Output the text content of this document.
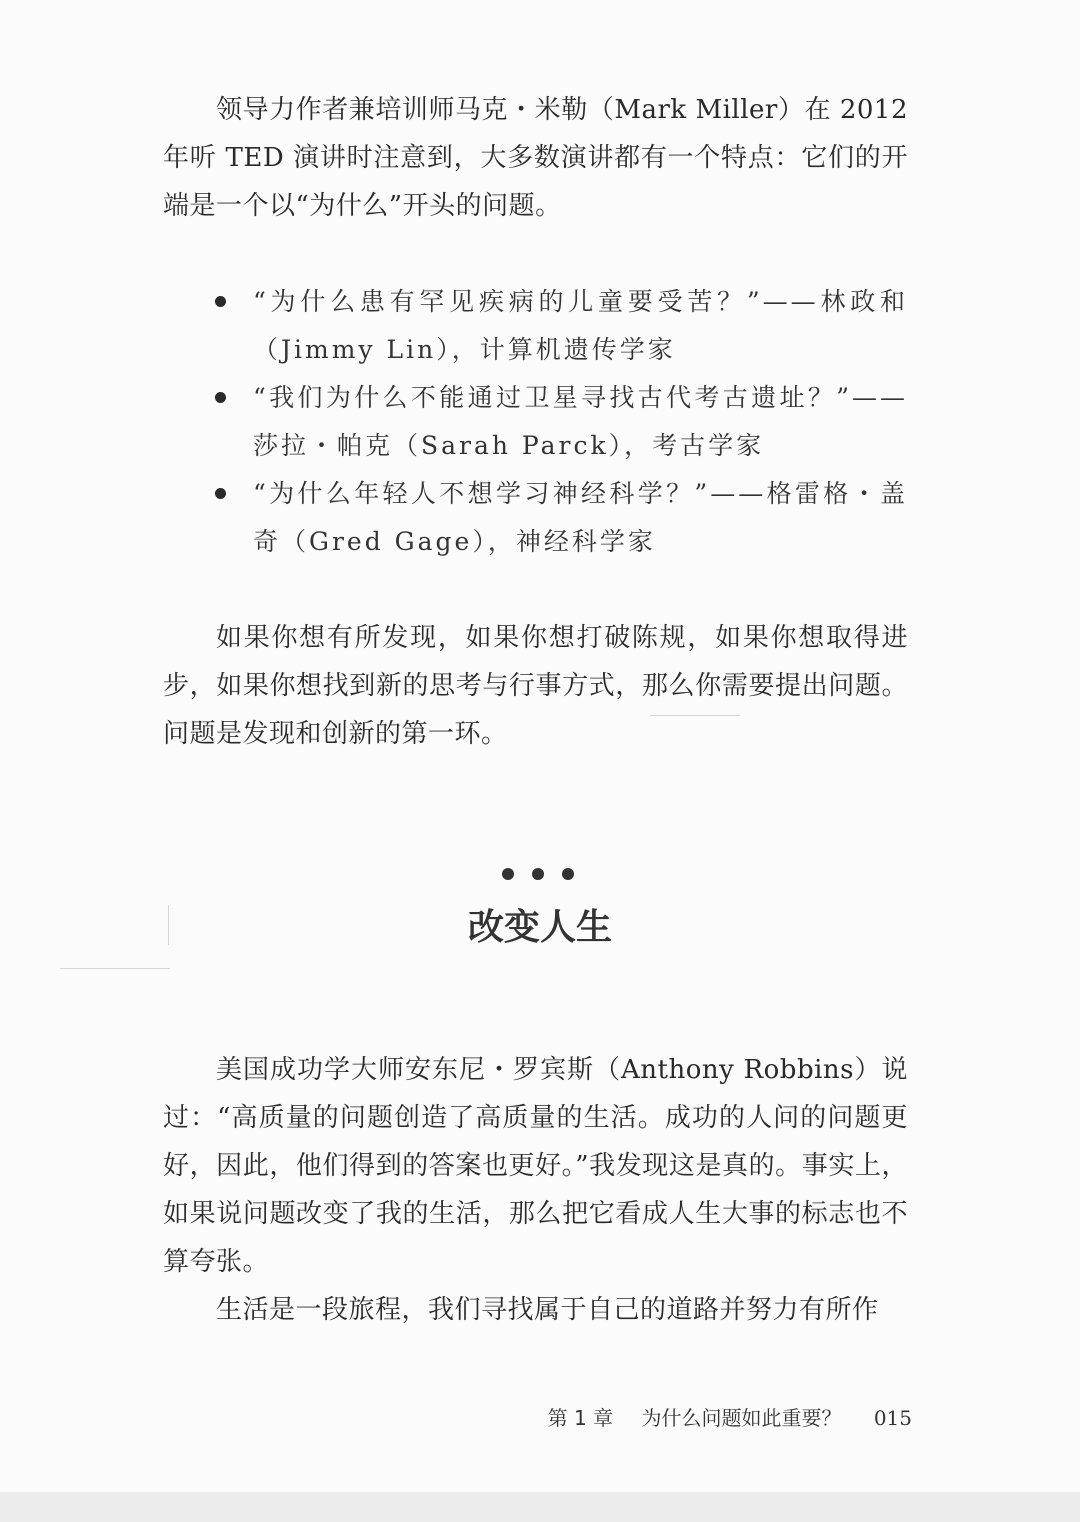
领导力作者兼培训师马克・米勒（Mark Miller）在 2012 年听 TED 演讲时注意到，大多数演讲都有一个特点：它们的开端是一个以“为什么”开头的问题。

“为什么患有罕见疾病的儿童要受苦？”——林政和（Jimmy Lin），计算机遗传学家
“我们为什么不能通过卫星寻找古代考古遗址？”——莎拉・帕克（Sarah Parck），考古学家
“为什么年轻人不想学习神经科学？”——格雷格・盖奇（Gred Gage），神经科学家

如果你想有所发现，如果你想打破陈规，如果你想取得进步，如果你想找到新的思考与行事方式，那么你需要提出问题。问题是发现和创新的第一环。

改变人生

美国成功学大师安东尼・罗宾斯（Anthony Robbins）说过：“高质量的问题创造了高质量的生活。成功的人问的问题更好，因此，他们得到的答案也更好。”我发现这是真的。事实上，如果说问题改变了我的生活，那么把它看成人生大事的标志也不算夸张。

生活是一段旅程，我们寻找属于自己的道路并努力有所作

第 1 章 为什么问题如此重要？ 015
